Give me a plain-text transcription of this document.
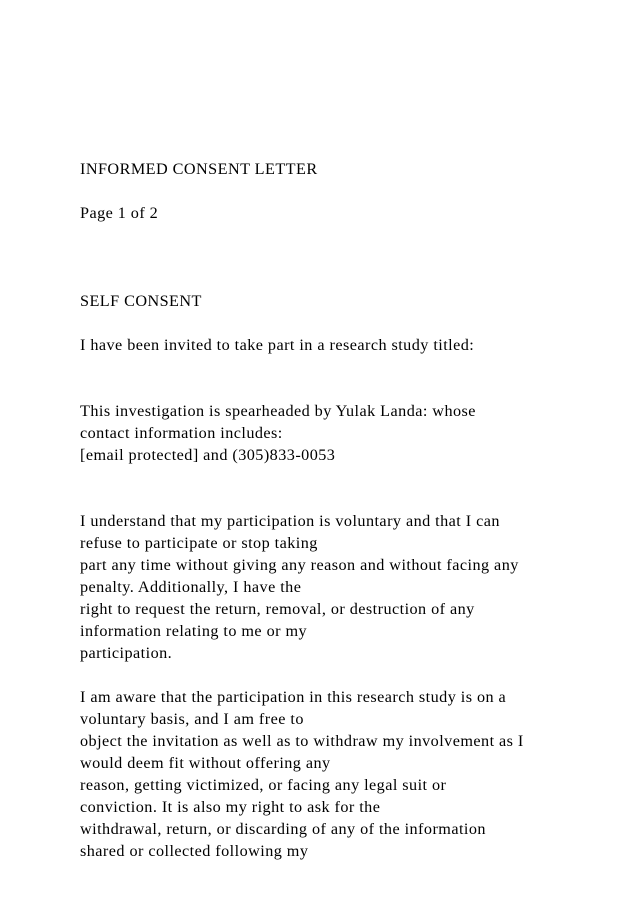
INFORMED CONSENT LETTER
Page 1 of 2
SELF CONSENT
I have been invited to take part in a research study titled:
This investigation is spearheaded by Yulak Landa: whose
contact information includes:
[email protected] and (305)833-0053
I understand that my participation is voluntary and that I can
refuse to participate or stop taking
part any time without giving any reason and without facing any
penalty. Additionally, I have the
right to request the return, removal, or destruction of any
information relating to me or my
participation.
I am aware that the participation in this research study is on a
voluntary basis, and I am free to
object the invitation as well as to withdraw my involvement as I
would deem fit without offering any
reason, getting victimized, or facing any legal suit or
conviction. It is also my right to ask for the
withdrawal, return, or discarding of any of the information
shared or collected following my
